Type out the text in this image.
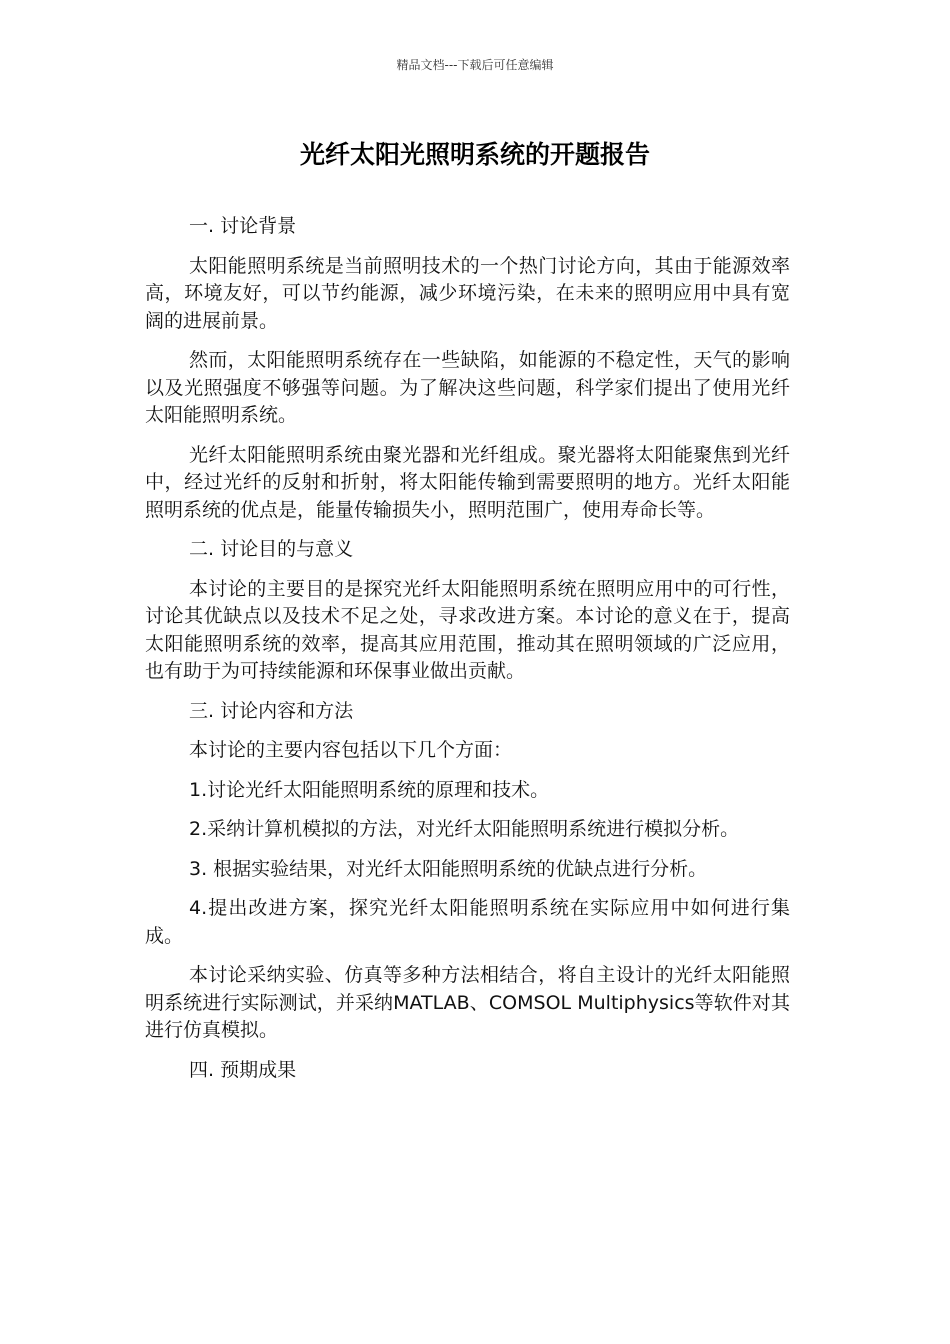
精品文档---下载后可任意编辑
光纤太阳光照明系统的开题报告

一. 讨论背景

太阳能照明系统是当前照明技术的一个热门讨论方向，其由于能源效率高，环境友好，可以节约能源，减少环境污染，在未来的照明应用中具有宽阔的进展前景。

然而，太阳能照明系统存在一些缺陷，如能源的不稳定性，天气的影响以及光照强度不够强等问题。为了解决这些问题，科学家们提出了使用光纤太阳能照明系统。

光纤太阳能照明系统由聚光器和光纤组成。聚光器将太阳能聚焦到光纤中，经过光纤的反射和折射，将太阳能传输到需要照明的地方。光纤太阳能照明系统的优点是，能量传输损失小，照明范围广，使用寿命长等。

二. 讨论目的与意义

本讨论的主要目的是探究光纤太阳能照明系统在照明应用中的可行性，讨论其优缺点以及技术不足之处，寻求改进方案。本讨论的意义在于，提高太阳能照明系统的效率，提高其应用范围，推动其在照明领域的广泛应用，也有助于为可持续能源和环保事业做出贡献。

三. 讨论内容和方法

本讨论的主要内容包括以下几个方面：

1.讨论光纤太阳能照明系统的原理和技术。

2.采纳计算机模拟的方法，对光纤太阳能照明系统进行模拟分析。

3. 根据实验结果，对光纤太阳能照明系统的优缺点进行分析。

4.提出改进方案，探究光纤太阳能照明系统在实际应用中如何进行集成。

本讨论采纳实验、仿真等多种方法相结合，将自主设计的光纤太阳能照明系统进行实际测试，并采纳MATLAB、COMSOL Multiphysics等软件对其进行仿真模拟。

四. 预期成果
